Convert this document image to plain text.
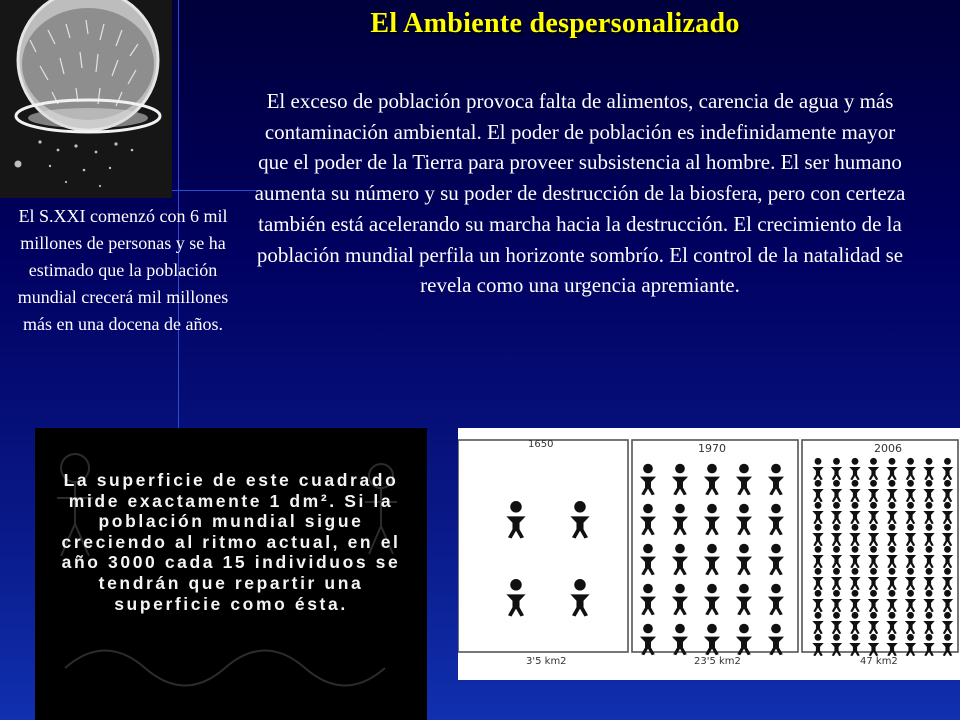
El Ambiente despersonalizado
El exceso de población provoca falta de alimentos, carencia de agua y más contaminación ambiental. El poder de población es indefinidamente mayor que el poder de la Tierra para proveer subsistencia al hombre. El ser humano aumenta su número y su poder de destrucción de la biosfera, pero con certeza también está acelerando su marcha hacia la destrucción. El crecimiento de la población mundial perfila un horizonte sombrío. El control de la natalidad se revela como una urgencia apremiante.
El S.XXI comenzó con 6 mil millones de personas y se ha estimado que la población mundial crecerá mil millones más en una docena de años.
La superficie de este cuadrado mide exactamente 1 dm². Si la población mundial sigue creciendo al ritmo actual, en el año 3000 cada 15 individuos se tendrán que repartir una superficie como ésta.
1650	1970	2006
3'5 km2	23'5 km2	47 km2
